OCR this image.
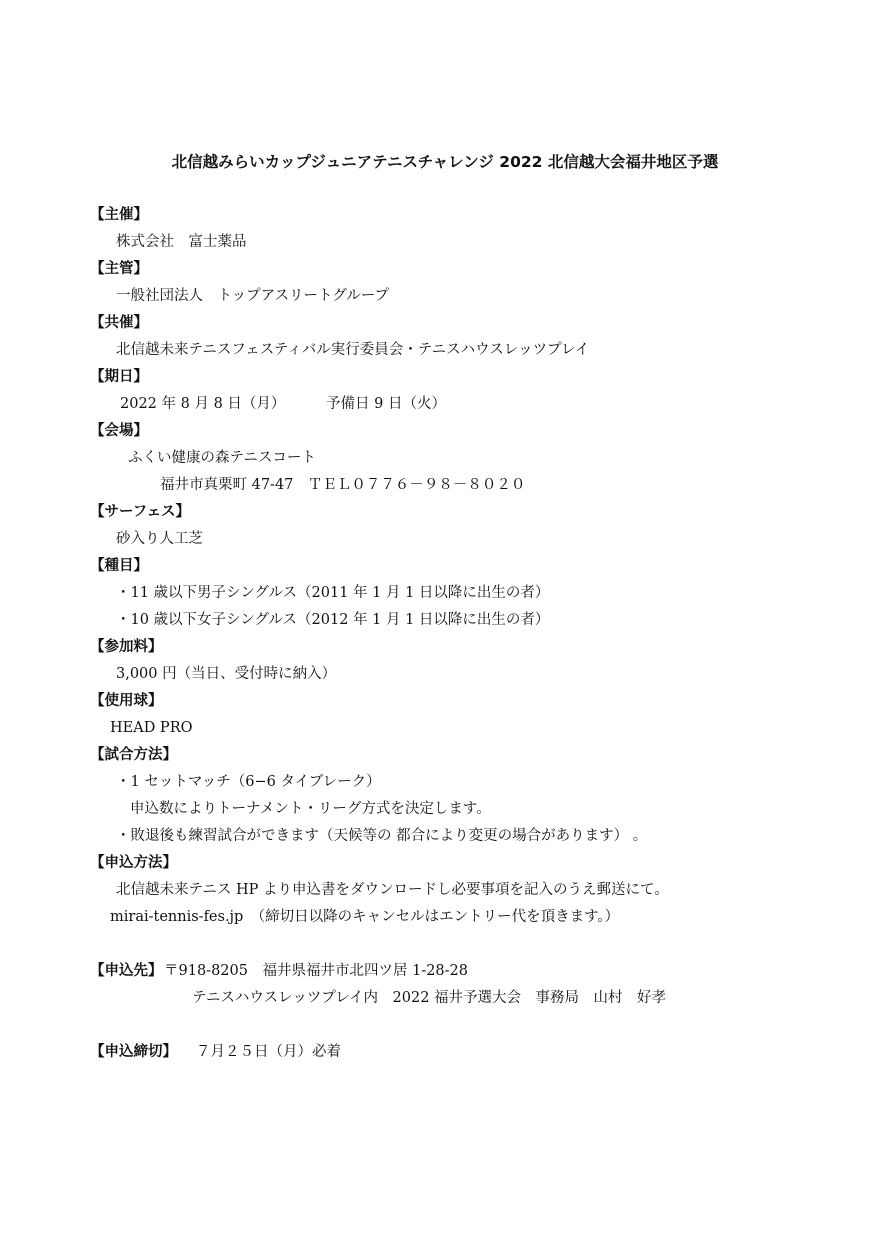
北信越みらいカップジュニアテニスチャレンジ 2022 北信越大会福井地区予選
【主催】
株式会社　富士薬品
【主管】
一般社団法人　トップアスリートグループ
【共催】
北信越未来テニスフェスティバル実行委員会・テニスハウスレッツプレイ
【期日】
2022 年 8 月 8 日（月）	予備日 9 日（火）
【会場】
ふくい健康の森テニスコート
福井市真栗町 47-47　ＴＥＬ０７７６－９８－８０２０
【サーフェス】
砂入り人工芝
【種目】
・11 歳以下男子シングルス（2011 年 1 月 1 日以降に出生の者）
・10 歳以下女子シングルス（2012 年 1 月 1 日以降に出生の者）
【参加料】
3,000 円（当日、受付時に納入）
【使用球】
HEAD PRO
【試合方法】
・1 セットマッチ（6−6 タイブレーク）
申込数によりトーナメント・リーグ方式を決定します。
・敗退後も練習試合ができます（天候等の 都合により変更の場合があります） 。
【申込方法】
北信越未来テニス HP より申込書をダウンロードし必要事項を記入のうえ郵送にて。
mirai-tennis-fes.jp　（締切日以降のキャンセルはエントリー代を頂きます。）
【申込先】 〒918-8205　福井県福井市北四ツ居 1-28-28
テニスハウスレッツプレイ内　2022 福井予選大会　事務局　山村　好孝
【申込締切】 ７月２５日（月）必着
